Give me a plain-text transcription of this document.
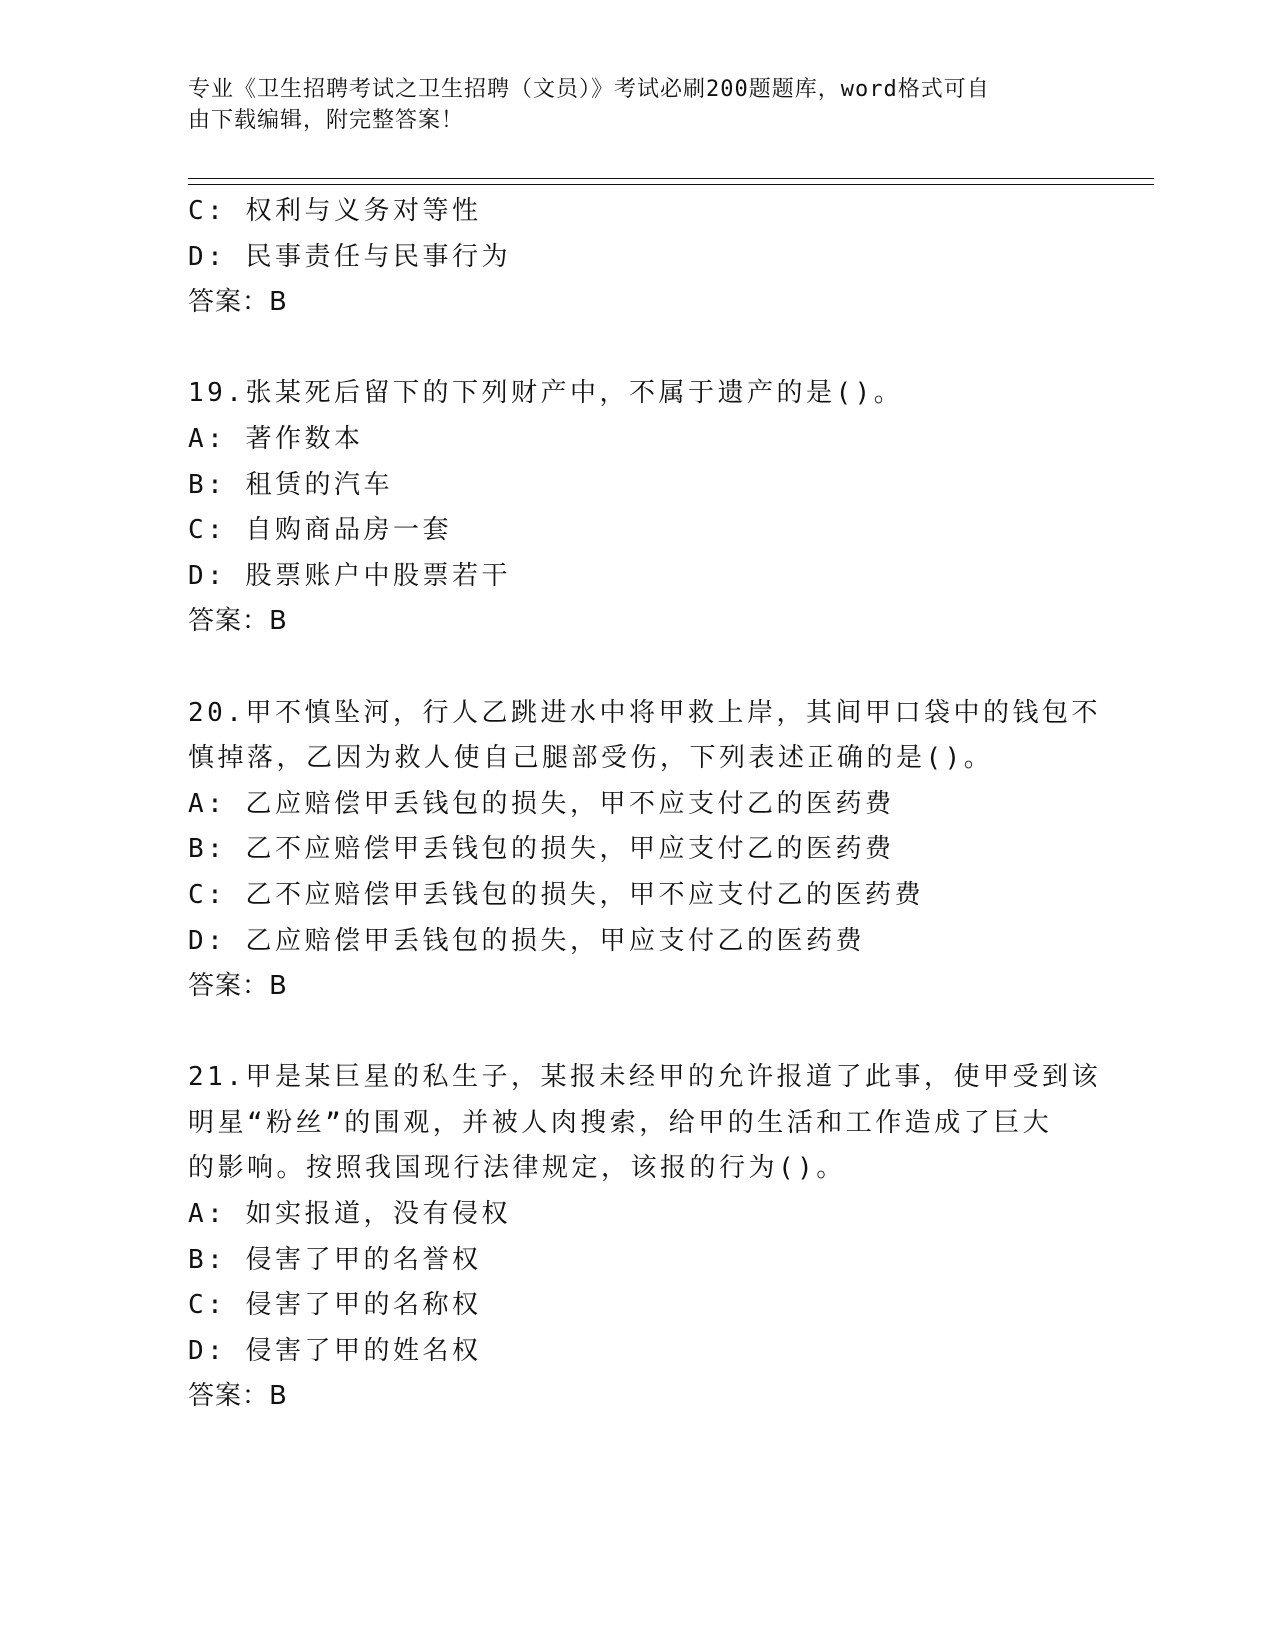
专业《卫生招聘考试之卫生招聘（文员）》考试必刷200题题库，word格式可自
由下载编辑，附完整答案！
C: 权利与义务对等性
D: 民事责任与民事行为
答案：B
19.张某死后留下的下列财产中，不属于遗产的是()。
A: 著作数本
B: 租赁的汽车
C: 自购商品房一套
D: 股票账户中股票若干
答案：B
20.甲不慎坠河，行人乙跳进水中将甲救上岸，其间甲口袋中的钱包不
慎掉落，乙因为救人使自己腿部受伤，下列表述正确的是()。
A: 乙应赔偿甲丢钱包的损失，甲不应支付乙的医药费
B: 乙不应赔偿甲丢钱包的损失，甲应支付乙的医药费
C: 乙不应赔偿甲丢钱包的损失，甲不应支付乙的医药费
D: 乙应赔偿甲丢钱包的损失，甲应支付乙的医药费
答案：B
21.甲是某巨星的私生子，某报未经甲的允许报道了此事，使甲受到该
明星“粉丝”的围观，并被人肉搜索，给甲的生活和工作造成了巨大
的影响。按照我国现行法律规定，该报的行为()。
A: 如实报道，没有侵权
B: 侵害了甲的名誉权
C: 侵害了甲的名称权
D: 侵害了甲的姓名权
答案：B
